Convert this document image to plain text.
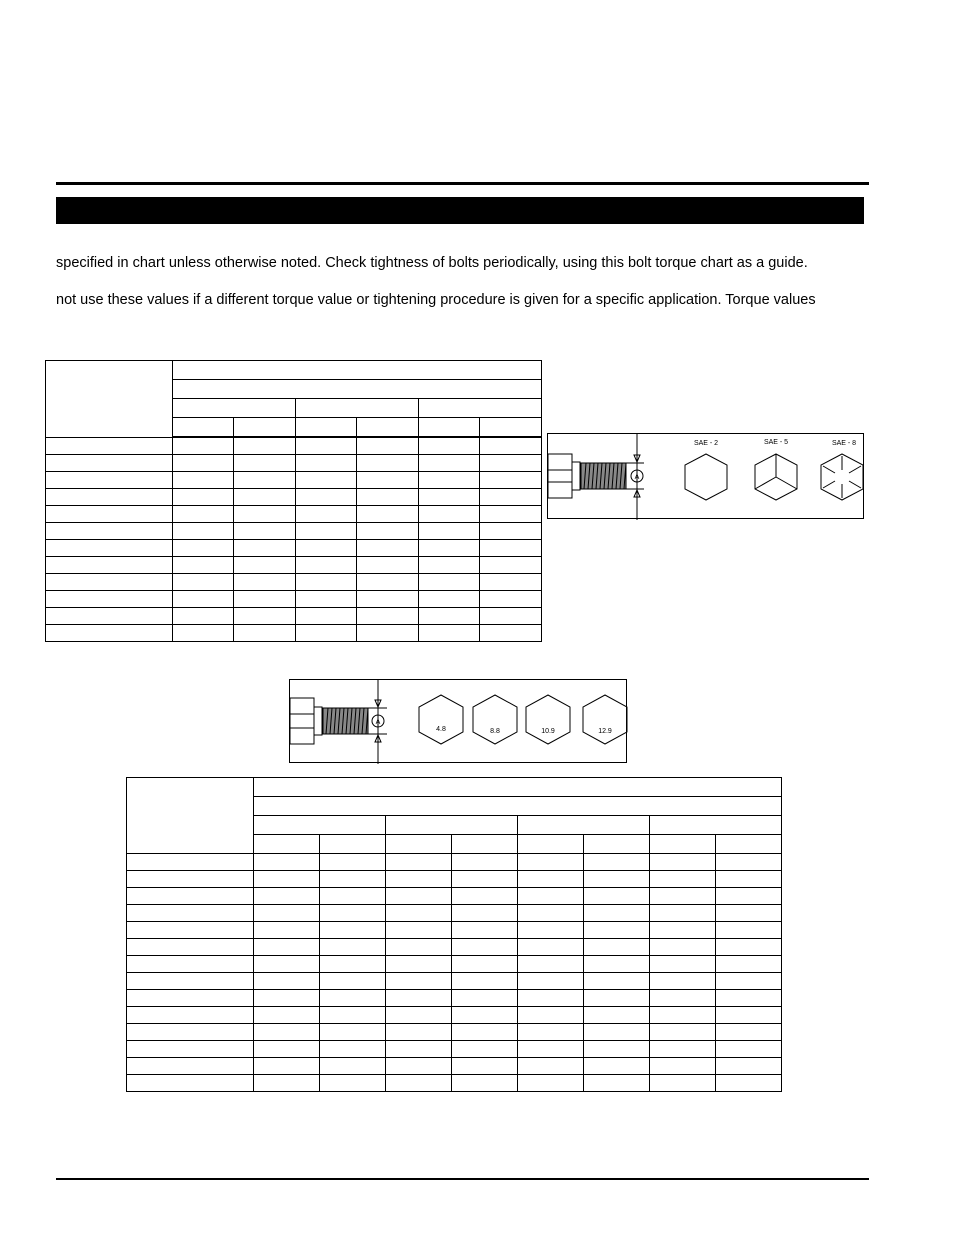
specified in chart unless otherwise noted. Check tightness of bolts periodically, using this bolt torque chart as a guide.
not use these values if a different torque value or tightening procedure is given for a specific application. Torque values

A
SAE - 2	SAE - 5	SAE - 8
A
4.8	8.8	10.9	12.9
